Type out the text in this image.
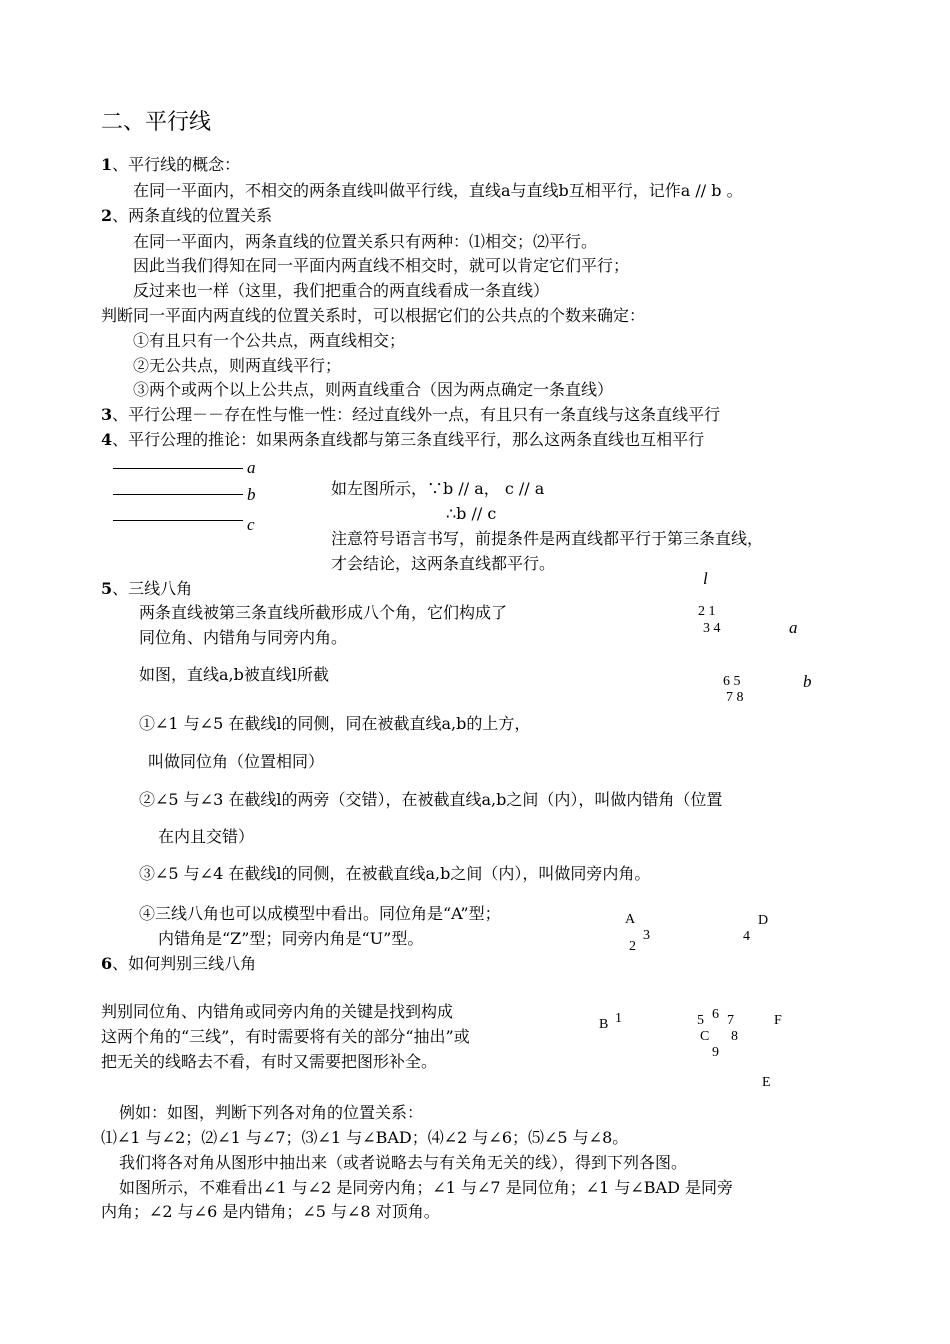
二、平行线
1、平行线的概念：
在同一平面内，不相交的两条直线叫做平行线，直线a与直线b互相平行，记作a // b 。
2、两条直线的位置关系
在同一平面内，两条直线的位置关系只有两种：⑴相交；⑵平行。
因此当我们得知在同一平面内两直线不相交时，就可以肯定它们平行；
反过来也一样（这里，我们把重合的两直线看成一条直线）
判断同一平面内两直线的位置关系时，可以根据它们的公共点的个数来确定：
①有且只有一个公共点，两直线相交；
②无公共点，则两直线平行；
③两个或两个以上公共点，则两直线重合（因为两点确定一条直线）
3、平行公理－－存在性与惟一性：经过直线外一点，有且只有一条直线与这条直线平行
4、平行公理的推论：如果两条直线都与第三条直线平行，那么这两条直线也互相平行
a
b
c
如左图所示，∵b // a， c // a
∴b // c
注意符号语言书写，前提条件是两直线都平行于第三条直线，
才会结论，这两条直线都平行。
5、三线八角
两条直线被第三条直线所截形成八个角，它们构成了
同位角、内错角与同旁内角。
如图，直线a,b被直线l所截
l
2 1
3 4	a
6 5
7 8
b
①∠1 与∠5 在截线l的同侧，同在被截直线a,b的上方，
叫做同位角（位置相同）
②∠5 与∠3 在截线l的两旁（交错），在被截直线a,b之间（内），叫做内错角（位置
在内且交错）
③∠5 与∠4 在截线l的同侧，在被截直线a,b之间（内），叫做同旁内角。
④三线八角也可以成模型中看出。同位角是“A”型；
内错角是“Z”型；同旁内角是“U”型。
6、如何判别三线八角
判别同位角、内错角或同旁内角的关键是找到构成
这两个角的“三线”，有时需要将有关的部分“抽出”或
把无关的线略去不看，有时又需要把图形补全。
A	D
2
3	4
B 1	5 6 7	F
C 8
9
E
例如：如图，判断下列各对角的位置关系：
⑴∠1 与∠2；⑵∠1 与∠7；⑶∠1 与∠BAD；⑷∠2 与∠6；⑸∠5 与∠8。
我们将各对角从图形中抽出来（或者说略去与有关角无关的线），得到下列各图。
如图所示，不难看出∠1 与∠2 是同旁内角；∠1 与∠7 是同位角；∠1 与∠BAD 是同旁
内角；∠2 与∠6 是内错角；∠5 与∠8 对顶角。
